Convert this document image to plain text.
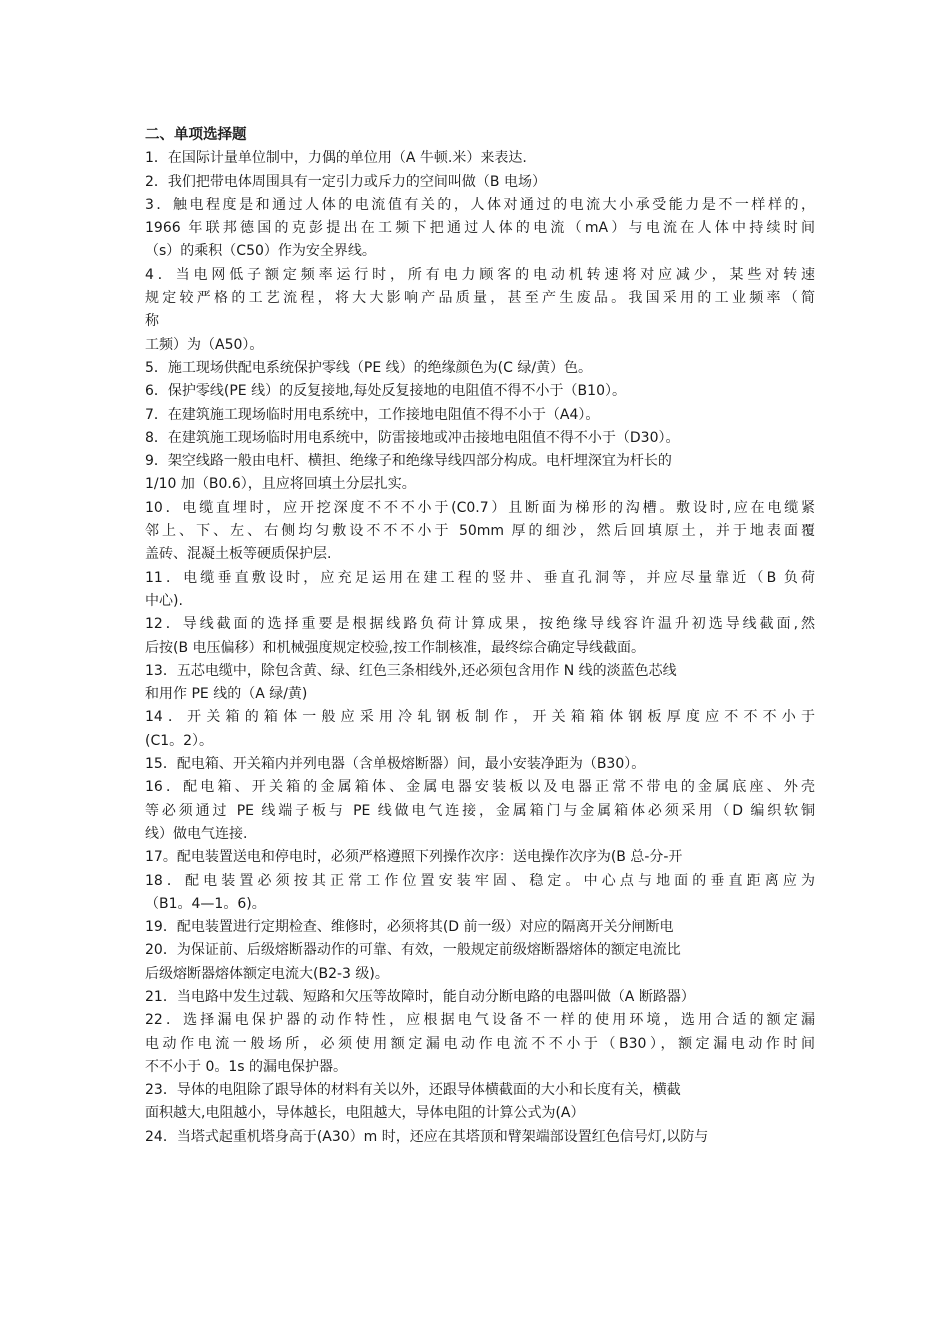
二、单项选择题
1．在国际计量单位制中，力偶的单位用（A 牛顿.米）来表达.
2．我们把带电体周围具有一定引力或斥力的空间叫做（B 电场）
3．触电程度是和通过人体的电流值有关的，人体对通过的电流大小承受能力是不一样样的，
1966 年联邦德国的克彭提出在工频下把通过人体的电流（mA）与电流在人体中持续时间
（s）的乘积（C50）作为安全界线。
4．当电网低子额定频率运行时，所有电力顾客的电动机转速将对应减少，某些对转速
规定较严格的工艺流程，将大大影响产品质量，甚至产生废品。我国采用的工业频率（简
称
工频）为（A50）。
5．施工现场供配电系统保护零线（PE 线）的绝缘颜色为(C 绿/黄）色。
6．保护零线(PE 线）的反复接地,每处反复接地的电阻值不得不小于（B10）。
7．在建筑施工现场临时用电系统中，工作接地电阻值不得不小于（A4）。
8．在建筑施工现场临时用电系统中，防雷接地或冲击接地电阻值不得不小于（D30）。
9．架空线路一般由电杆、横担、绝缘子和绝缘导线四部分构成。电杆埋深宜为杆长的
1/10 加（B0.6），且应将回填土分层扎实。
10．电缆直埋时，应开挖深度不不不小于(C0.7）且断面为梯形的沟槽。敷设时,应在电缆紧
邻上、下、左、右侧均匀敷设不不不小于 50mm 厚的细沙，然后回填原土，并于地表面覆
盖砖、混凝土板等硬质保护层.
11．电缆垂直敷设时，应充足运用在建工程的竖井、垂直孔洞等，并应尽量靠近（B 负荷
中心).
12．导线截面的选择重要是根据线路负荷计算成果，按绝缘导线容许温升初选导线截面,然
后按(B 电压偏移）和机械强度规定校验,按工作制核准，最终综合确定导线截面。
13．五芯电缆中，除包含黄、绿、红色三条相线外,还必须包含用作 N 线的淡蓝色芯线
和用作 PE 线的（A 绿/黄)
14．开关箱的箱体一般应采用冷轧钢板制作，开关箱箱体钢板厚度应不不不小于
(C1。2）。
15．配电箱、开关箱内并列电器（含单极熔断器）间，最小安装净距为（B30）。
16．配电箱、开关箱的金属箱体、金属电器安装板以及电器正常不带电的金属底座、外壳
等必须通过 PE 线端子板与 PE 线做电气连接，金属箱门与金属箱体必须采用（D 编织软铜
线）做电气连接.
17。配电装置送电和停电时，必须严格遵照下列操作次序：送电操作次序为(B 总-分-开
18．配电装置必须按其正常工作位置安装牢固、稳定。中心点与地面的垂直距离应为
（B1。4—1。6)。
19．配电装置进行定期检查、维修时，必须将其(D 前一级）对应的隔离开关分闸断电
20．为保证前、后级熔断器动作的可靠、有效，一般规定前级熔断器熔体的额定电流比
后级熔断器熔体额定电流大(B2-3 级)。
21．当电路中发生过载、短路和欠压等故障时，能自动分断电路的电器叫做（A 断路器）
22．选择漏电保护器的动作特性，应根据电气设备不一样的使用环境，选用合适的额定漏
电动作电流一般场所，必须使用额定漏电动作电流不不小于（B30），额定漏电动作时间
不不小于 0。1s 的漏电保护器。
23．导体的电阻除了跟导体的材料有关以外，还跟导体横截面的大小和长度有关，横截
面积越大,电阻越小，导体越长，电阻越大，导体电阻的计算公式为(A）
24．当塔式起重机塔身高于(A30）m 时，还应在其塔顶和臂架端部设置红色信号灯,以防与
